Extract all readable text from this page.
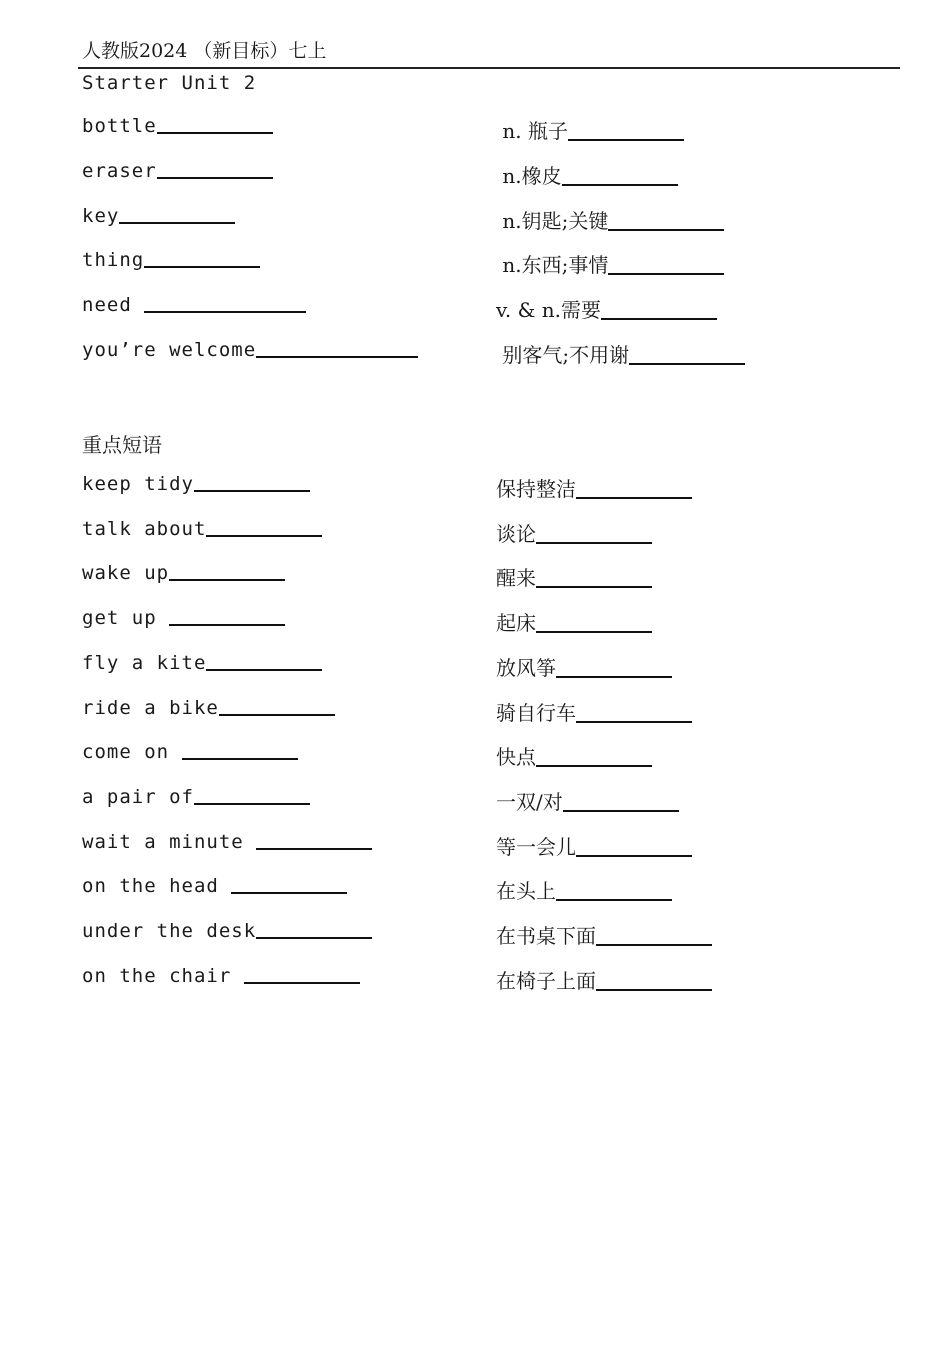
人教版2024 （新目标）七上
Starter Unit 2
bottle	n. 瓶子
eraser	n.橡皮
key	n.钥匙;关键
thing	n.东西;事情
need	v. & n.需要
you’re welcome	别客气;不用谢
重点短语
keep tidy	保持整洁
talk about	谈论
wake up	醒来
get up	起床
fly a kite	放风筝
ride a bike	骑自行车
come on	快点
a pair of	一双/对
wait a minute	等一会儿
on the head	在头上
under the desk	在书桌下面
on the chair	在椅子上面
